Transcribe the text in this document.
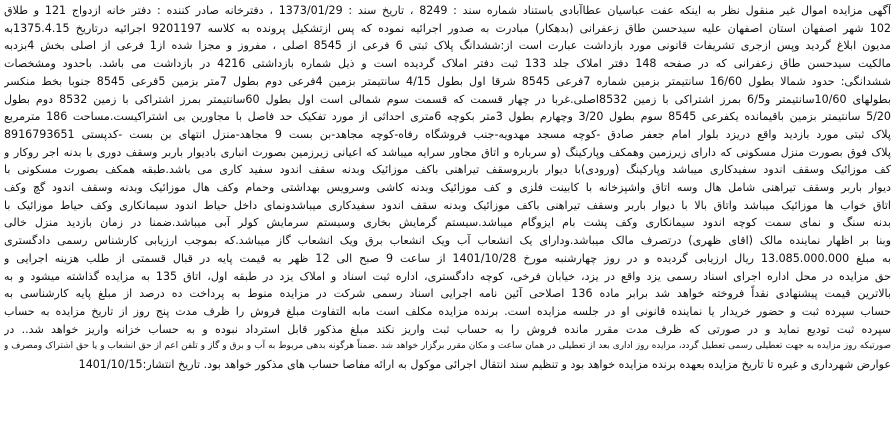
آگهی مزایده اموال غیر منقول نظر به اینکه عفت عباسیان عطاآبادی باستناد شماره سند : 8249 ، تاریخ سند : 1373/01/29 ، دفترخانه صادر کننده : دفتر خانه ازدواج 121 و طلاق
102 شهر اصفهان استان اصفهان علیه سیدحسن طاق زعفرانی (بدهکار) مبادرت به صدور اجرائیه نموده که پس ازتشکیل پرونده به کلاسه 9201197 اجرائیه درتاریخ 1375.4.15به
مدیون ابلاغ گردید وپس ازجری تشریفات قانونی مورد بازداشت عبارت است از:ششدانگ پلاک ثبتی 6 فرعی از 8545 اصلی ، مفروز و مجزا شده از1 فرعی از اصلی بخش 4بزدبه
مالکیت سیدحسن طاق زعفرانی که در صفحه 148 دفتر املاک جلد 133 ثبت دفتر املاک گردیده است و ذیل شماره بازداشتی 4216 در بازداشت می باشد. باحدود ومشخصات
ششدانگی: حدود شمالا بطول 16/60 سانتیمتر بزمین شماره 7فرعی 8545 شرقا اول بطول 4/15 سانتیمتر بزمین 4فرعی دوم بطول 7متر بزمین 5فرعی 8545 جنوبا بخط منکسر
بطولهای 10/60سانتیمتر و6/5 بمرز اشتراکی با زمین 8532اصلی.غربا در چهار قسمت که قسمت سوم شمالی است اول بطول 60سانتیمتر بمرز اشتراکی با زمین 8532 دوم بطول
5/20 سانتیمتر بزمین باقیمانده یکفرعی 8545 سوم بطول 3/20 وچهارم بطول 3متر بکوچه 6متری احداثی از مورد تفکیک حد فاصل با مجاورین بی اشتراکیست.مساحت 186 مترمربع
پلاک ثبتی مورد بازدید واقع دریزد بلوار امام جعفر صادق -کوچه مسجد مهدویه-جنب فروشگاه رفاه-کوچه مجاهد-بن بست 9 مجاهد-منزل انتهای بن بست -کدپستی 8916793651
پلاک فوق بصورت منزل مسکونی که دارای زیرزمین وهمکف وپارکینگ (و سرباره و اتاق مجاور سرایه میباشد که اعیانی زیرزمین بصورت انباری بادیوار باربر وسقف دوری با بدنه اجر روکار و
کف موزائیک وسقف اندود سفیدکاری میباشد وپارکینگ (ورودی)با دیوار باربروسقف تیراهنی باکف موزائیک وبدنه سقف اندود سفید کاری می باشد.طبقه همکف بصورت مسکونی با
دیوار باربر وسقف تیراهنی شامل هال وسه اتاق واشپزخانه با کابینت فلزی و کف موزائیک وبدنه کاشی وسرویس بهداشتی وحمام وکف هال موزائیک وبدنه وسقف اندود گچ وکف
اتاق خواب ها موزائیک میباشد واتاق بالا با دیوار باربر وسقف تیراهنی باکف موزائیک وبدنه سقف اندود سفیدکاری میباشدونمای داخل حیاط اندود سیمانکاری وکف حیاط موزائیک با
بدنه سنگ و نمای سمت کوچه اندود سیمانکاری وکف پشت بام ایزوگام میباشد.سیستم گرمایش بخاری وسیستم سرمایش کولر آبی میباشد.ضمنا در زمان بازدید منزل خالی
وبنا بر اظهار نماینده مالک (اقای ظهری) درتصرف مالک میباشد.ودارای یک انشعاب آب ویک انشعاب برق ویک انشعاب گاز میباشد.که بموجب ارزیابی کارشناس رسمی دادگستری
به مبلغ 13.085.000.000 ریال ارزیابی گردیده و در روز چهارشنبه مورخ 1401/10/28 از ساعت 9 صبح الی 12 ظهر به قیمت پایه در قبال قسمتی از طلب هزینه اجرایی و
حق مزایده در محل اداره اجرای اسناد رسمی یزد واقع در یزد، خیابان فرخی، کوچه دادگستری، اداره ثبت اسناد و املاک یزد در طبقه اول، اتاق 135 به مزایده گذاشته میشود و به
بالاترین قیمت پیشنهادی نقداً فروخته خواهد شد برابر ماده 136 اصلاحی آئین نامه اجرایی اسناد رسمی شرکت در مزایده منوط به پرداخت ده درصد از مبلغ پایه کارشناسی به
حساب سپرده ثبت و حضور خریدار یا نماینده قانونی او در جلسه مزایده است. برنده مزایده مکلف است مابه التفاوت مبلغ فروش را ظرف مدت پنج روز از تاریخ مزایده به حساب
سپرده ثبت تودیع نماید و در صورتی که ظرف مدت مقرر مانده فروش را به حساب ثبت واریز نکند مبلغ مذکور قابل استرداد نبوده و به حساب خزانه واریز خواهد شد.. در
صورتیکه روز مزایده به جهت تعطیلی رسمی تعطیل گردد، مزایده روز اداری بعد از تعطیلی در همان ساعت و مکان مقرر برگزار خواهد شد .ضمناً هرگونه بدهی مربوط به آب و برق و گاز و تلفن اعم از حق انشعاب و یا حق اشتراک ومصرف و
عوارض شهرداری و غیره تا تاریخ مزایده بعهده برنده مزایده خواهد بود و تنظیم سند انتقال اجرائی موکول به ارائه مفاصا حساب های مذکور خواهد بود. تاریخ انتشار:1401/10/15
